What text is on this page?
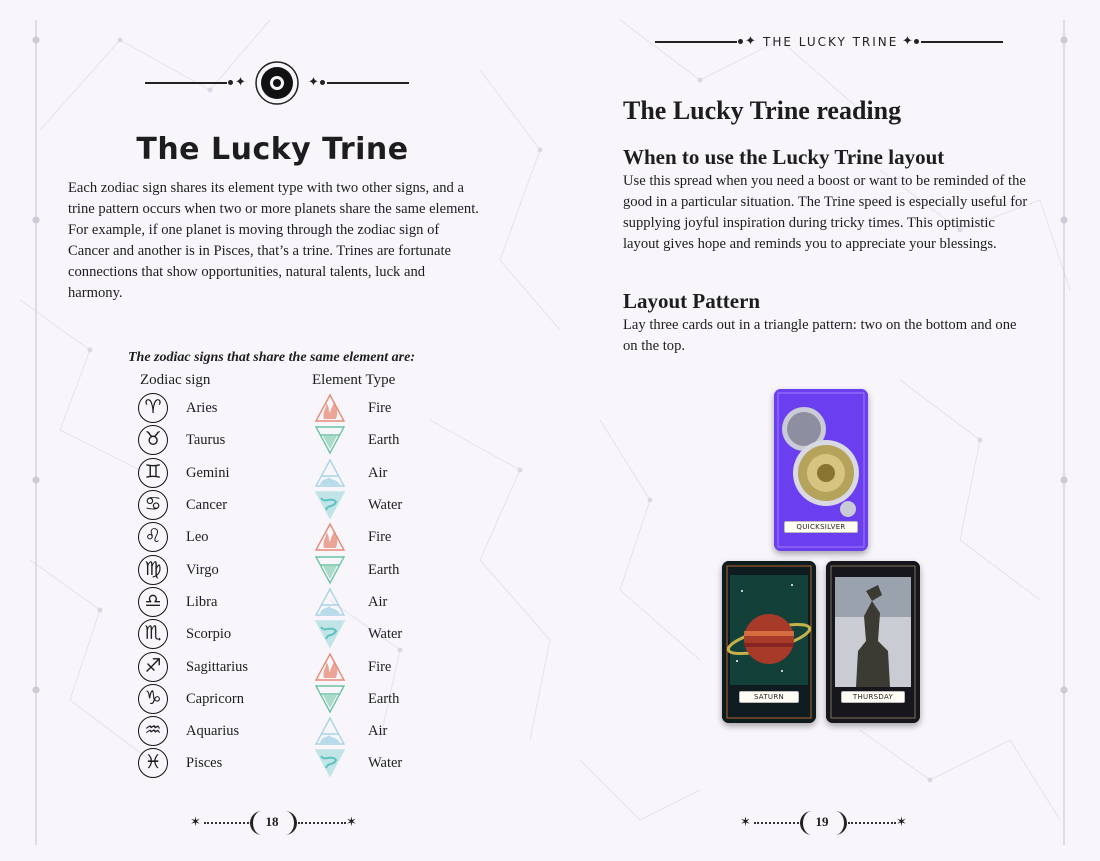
✦	✦
The Lucky Trine

Each zodiac sign shares its element type with two other signs, and a trine pattern occurs when two or more planets share the same element. For example, if one planet is moving through the zodiac sign of Cancer and another is in Pisces, that’s a trine. Trines are fortunate connections that show opportunities, natural talents, luck and harmony.

The zodiac signs that share the same element are:
Zodiac sign	Element Type
♈	Aries	Fire
♉	Taurus	Earth
♊	Gemini	Air
♋	Cancer	Water
♌	Leo	Fire
♍	Virgo	Earth
♎	Libra	Air
♏	Scorpio	Water
♐	Sagittarius	Fire
♑	Capricorn	Earth
♒	Aquarius	Air
♓	Pisces	Water
✶	18	✶
✦ THE LUCKY TRINE ✦
The Lucky Trine reading
When to use the Lucky Trine layout

Use this spread when you need a boost or want to be reminded of the good in a particular situation. The Trine speed is especially useful for supplying joyful inspiration during tricky times. This optimistic layout gives hope and reminds you to appreciate your blessings.

Layout Pattern

Lay three cards out in a triangle pattern: two on the bottom and one on the top.

QUICKSILVER
SATURN	THURSDAY
✶	19	✶
